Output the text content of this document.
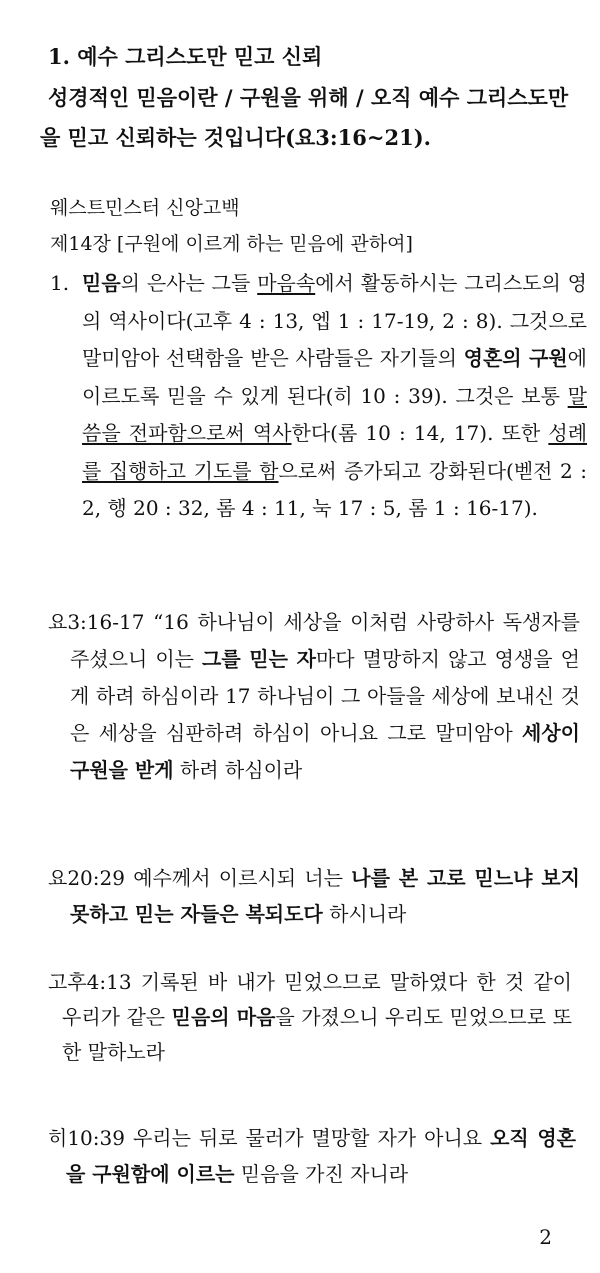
1. 예수 그리스도만 믿고 신뢰
성경적인 믿음이란 / 구원을 위해 / 오직 예수 그리스도만
을 믿고 신뢰하는 것입니다(요3:16~21).
웨스트민스터 신앙고백
제14장 [구원에 이르게 하는 믿음에 관하여]
1. 믿음의 은사는 그들 마음속에서 활동하시는 그리스도의 영의 역사이다(고후 4 : 13, 엡 1 : 17-19, 2 : 8). 그것으로 말미암아 선택함을 받은 사람들은 자기들의 영혼의 구원에 이르도록 믿을 수 있게 된다(히 10 : 39). 그것은 보통 말씀을 전파함으로써 역사한다(롬 10 : 14, 17). 또한 성례를 집행하고 기도를 함으로써 증가되고 강화된다(벧전 2 : 2, 행 20 : 32, 롬 4 : 11, 눅 17 : 5, 롬 1 : 16-17).
요3:16-17 “16 하나님이 세상을 이처럼 사랑하사 독생자를 주셨으니 이는 그를 믿는 자마다 멸망하지 않고 영생을 얻게 하려 하심이라 17 하나님이 그 아들을 세상에 보내신 것은 세상을 심판하려 하심이 아니요 그로 말미암아 세상이 구원을 받게 하려 하심이라
요20:29 예수께서 이르시되 너는 나를 본 고로 믿느냐 보지 못하고 믿는 자들은 복되도다 하시니라
고후4:13 기록된 바 내가 믿었으므로 말하였다 한 것 같이 우리가 같은 믿음의 마음을 가졌으니 우리도 믿었으므로 또한 말하노라
히10:39 우리는 뒤로 물러가 멸망할 자가 아니요 오직 영혼을 구원함에 이르는 믿음을 가진 자니라
2
